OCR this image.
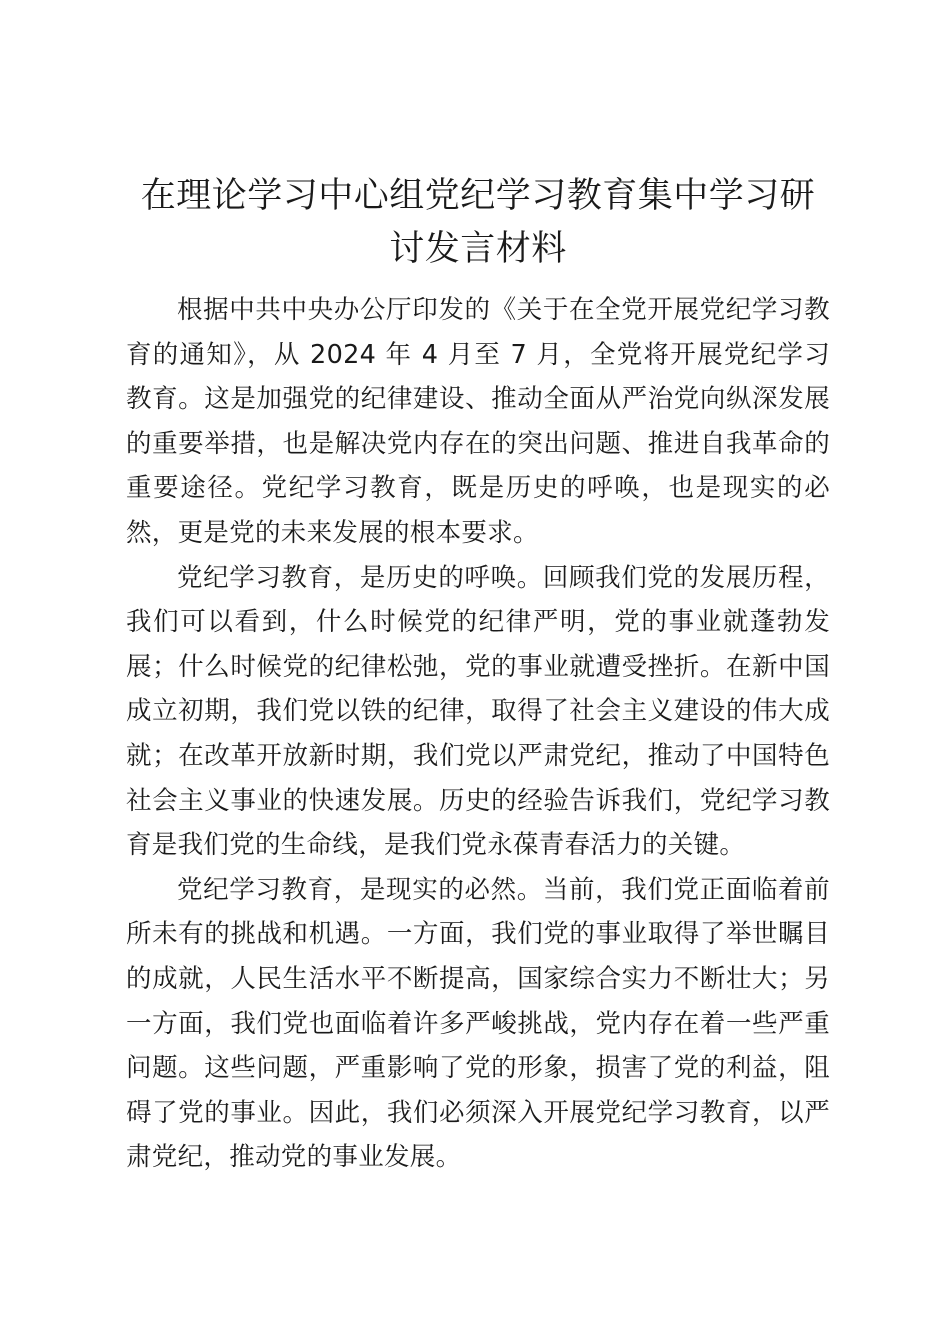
在理论学习中心组党纪学习教育集中学习研讨发言材料

根据中共中央办公厅印发的《关于在全党开展党纪学习教育的通知》，从 2024 年 4 月至 7 月，全党将开展党纪学习教育。这是加强党的纪律建设、推动全面从严治党向纵深发展的重要举措，也是解决党内存在的突出问题、推进自我革命的重要途径。党纪学习教育，既是历史的呼唤，也是现实的必然，更是党的未来发展的根本要求。

党纪学习教育，是历史的呼唤。回顾我们党的发展历程，我们可以看到，什么时候党的纪律严明，党的事业就蓬勃发展；什么时候党的纪律松弛，党的事业就遭受挫折。在新中国成立初期，我们党以铁的纪律，取得了社会主义建设的伟大成就；在改革开放新时期，我们党以严肃党纪，推动了中国特色社会主义事业的快速发展。历史的经验告诉我们，党纪学习教育是我们党的生命线，是我们党永葆青春活力的关键。

党纪学习教育，是现实的必然。当前，我们党正面临着前所未有的挑战和机遇。一方面，我们党的事业取得了举世瞩目的成就，人民生活水平不断提高，国家综合实力不断壮大；另一方面，我们党也面临着许多严峻挑战，党内存在着一些严重问题。这些问题，严重影响了党的形象，损害了党的利益，阻碍了党的事业。因此，我们必须深入开展党纪学习教育，以严肃党纪，推动党的事业发展。
